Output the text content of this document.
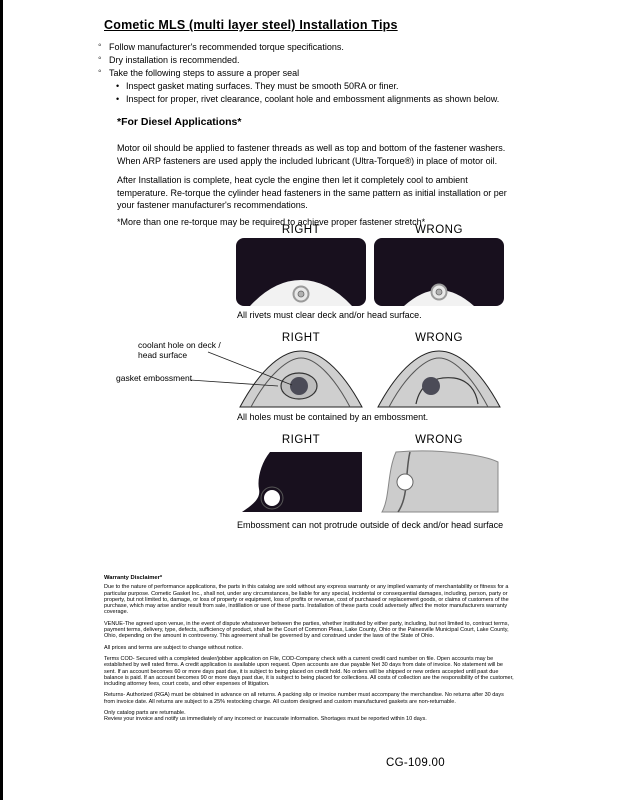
Cometic MLS (multi layer steel) Installation Tips
◦ Follow manufacturer's recommended torque specifications.
◦ Dry installation is recommended.
◦ Take the following steps to assure a proper seal
• Inspect gasket mating surfaces. They must be smooth 50RA or finer.
• Inspect for proper, rivet clearance, coolant hole and embossment alignments as shown below.
*For Diesel Applications*

Motor oil should be applied to fastener threads as well as top and bottom of the fastener washers. When ARP fasteners are used apply the included lubricant (Ultra-Torque®) in place of motor oil.

After Installation is complete, heat cycle the engine then let it completely cool to ambient temperature. Re-torque the cylinder head fasteners in the same pattern as initial installation or per your fastener manufacturer's recommendations.

*More than one re-torque may be required to achieve proper fastener stretch*

RIGHT	WRONG
All rivets must clear deck and/or head surface.
RIGHT	WRONG
All holes must be contained by an embossment.
RIGHT	WRONG
Embossment can not protrude outside of deck and/or head surface
coolant hole on deck / head surface
gasket embossment
Warranty Disclaimer*

Due to the nature of performance applications, the parts in this catalog are sold without any express warranty or any implied warranty of merchantability or fitness for a particular purpose. Cometic Gasket Inc., shall not, under any circumstances, be liable for any special, incidental or consequential damages, including, person, party or property, but not limited to, damage, or loss of property or equipment, loss of profits or revenue, cost of purchased or replacement goods, or claims of customers of the purchase, which may arise and/or result from sale, instillation or use of these parts. Installation of these parts could adversely affect the motor manufacturers warranty coverage.

VENUE-The agreed upon venue, in the event of dispute whatsoever between the parties, whether instituted by either party, including, but not limited to, contract terms, payment terms, delivery, type, defects, sufficiency of product, shall be the Court of Common Pleas, Lake County, Ohio or the Painesville Municipal Court, Lake County, Ohio, depending on the amount in controversy. This agreement shall be governed by and construed under the laws of the State of Ohio.

All prices and terms are subject to change without notice.

Terms COD- Secured with a completed dealer/jobber application on File, COD-Company check with a current credit card number on file. Open accounts may be established by well rated firms. A credit application is available upon request. Open accounts are due payable Net 30 days from date of invoice. No statement will be sent. If an account becomes 60 or more days past due, it is subject to being placed on credit hold. No orders will be shipped or new orders accepted until past due balance is paid. If an account becomes 90 or more days past due, it is subject to being placed for collections. All costs of collection are the responsibility of the customer, including attorney fees, court costs, and other expenses of litigation.

Returns- Authorized (RGA) must be obtained in advance on all returns. A packing slip or invoice number must accompany the merchandise. No returns after 30 days from invoice date. All returns are subject to a 25% restocking charge. All custom designed and custom manufactured gaskets are non-returnable.

Only catalog parts are returnable.

Review your invoice and notify us immediately of any incorrect or inaccurate information. Shortages must be reported within 10 days.

CG-109.00
